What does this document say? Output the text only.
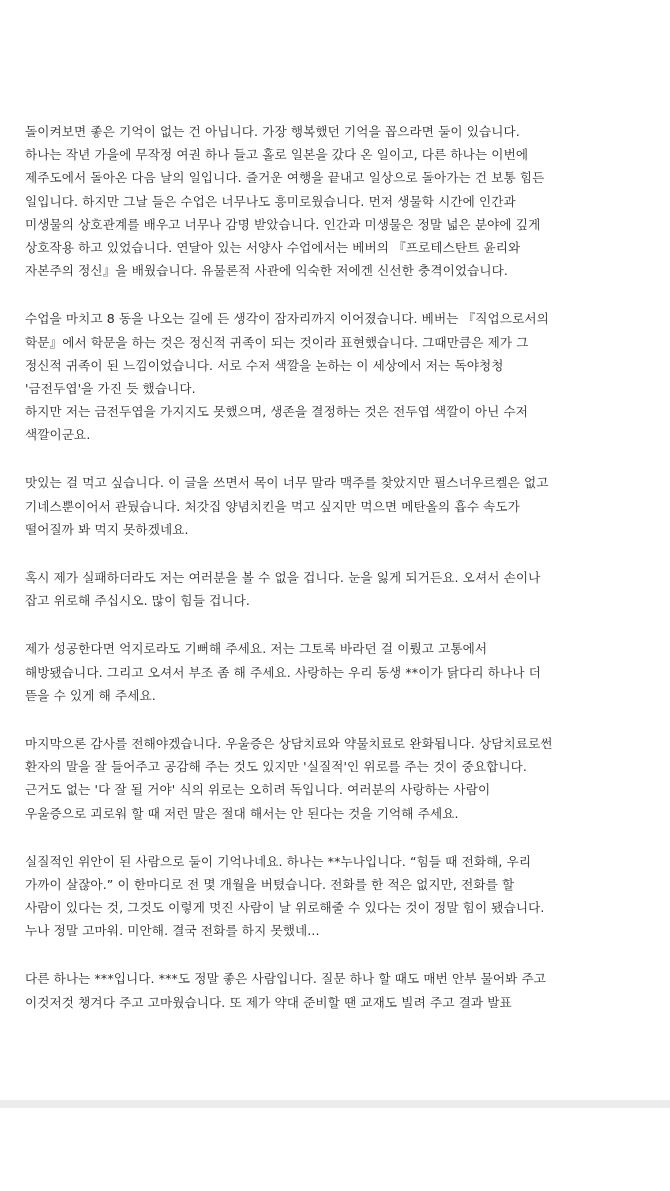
돌이켜보면 좋은 기억이 없는 건 아닙니다. 가장 행복했던 기억을 꼽으라면 둘이 있습니다.
하나는 작년 가을에 무작정 여권 하나 들고 홀로 일본을 갔다 온 일이고, 다른 하나는 이번에
제주도에서 돌아온 다음 날의 일입니다. 즐거운 여행을 끝내고 일상으로 돌아가는 건 보통 힘든
일입니다. 하지만 그날 들은 수업은 너무나도 흥미로웠습니다. 먼저 생물학 시간에 인간과
미생물의 상호관계를 배우고 너무나 감명 받았습니다. 인간과 미생물은 정말 넓은 분야에 깊게
상호작용 하고 있었습니다. 연달아 있는 서양사 수업에서는 베버의 『프로테스탄트 윤리와
자본주의 정신』을 배웠습니다. 유물론적 사관에 익숙한 저에겐 신선한 충격이었습니다.
수업을 마치고 8 동을 나오는 길에 든 생각이 잠자리까지 이어졌습니다. 베버는 『직업으로서의
학문』에서 학문을 하는 것은 정신적 귀족이 되는 것이라 표현했습니다. 그때만큼은 제가 그
정신적 귀족이 된 느낌이었습니다. 서로 수저 색깔을 논하는 이 세상에서 저는 독야청청
'금전두엽'을 가진 듯 했습니다.
하지만 저는 금전두엽을 가지지도 못했으며, 생존을 결정하는 것은 전두엽 색깔이 아닌 수저
색깔이군요.
맛있는 걸 먹고 싶습니다. 이 글을 쓰면서 목이 너무 말라 맥주를 찾았지만 필스너우르켈은 없고
기네스뿐이어서 관뒀습니다. 처갓집 양념치킨을 먹고 싶지만 먹으면 메탄올의 흡수 속도가
떨어질까 봐 먹지 못하겠네요.
혹시 제가 실패하더라도 저는 여러분을 볼 수 없을 겁니다. 눈을 잃게 되거든요. 오셔서 손이나
잡고 위로해 주십시오. 많이 힘들 겁니다.
제가 성공한다면 억지로라도 기뻐해 주세요. 저는 그토록 바라던 걸 이뤘고 고통에서
해방됐습니다. 그리고 오셔서 부조 좀 해 주세요. 사랑하는 우리 동생 **이가 닭다리 하나나 더
뜯을 수 있게 해 주세요.
마지막으론 감사를 전해야겠습니다. 우울증은 상담치료와 약물치료로 완화됩니다. 상담치료로썬
환자의 말을 잘 들어주고 공감해 주는 것도 있지만 '실질적'인 위로를 주는 것이 중요합니다.
근거도 없는 '다 잘 될 거야' 식의 위로는 오히려 독입니다. 여러분의 사랑하는 사람이
우울증으로 괴로워 할 때 저런 말은 절대 해서는 안 된다는 것을 기억해 주세요.
실질적인 위안이 된 사람으로 둘이 기억나네요. 하나는 **누나입니다. “힘들 때 전화해, 우리
가까이 살잖아.” 이 한마디로 전 몇 개월을 버텼습니다. 전화를 한 적은 없지만, 전화를 할
사람이 있다는 것, 그것도 이렇게 멋진 사람이 날 위로해줄 수 있다는 것이 정말 힘이 됐습니다.
누나 정말 고마워. 미안해. 결국 전화를 하지 못했네...
다른 하나는 ***입니다. ***도 정말 좋은 사람입니다. 질문 하나 할 때도 매번 안부 물어봐 주고
이것저것 챙겨다 주고 고마웠습니다. 또 제가 약대 준비할 땐 교재도 빌려 주고 결과 발표
